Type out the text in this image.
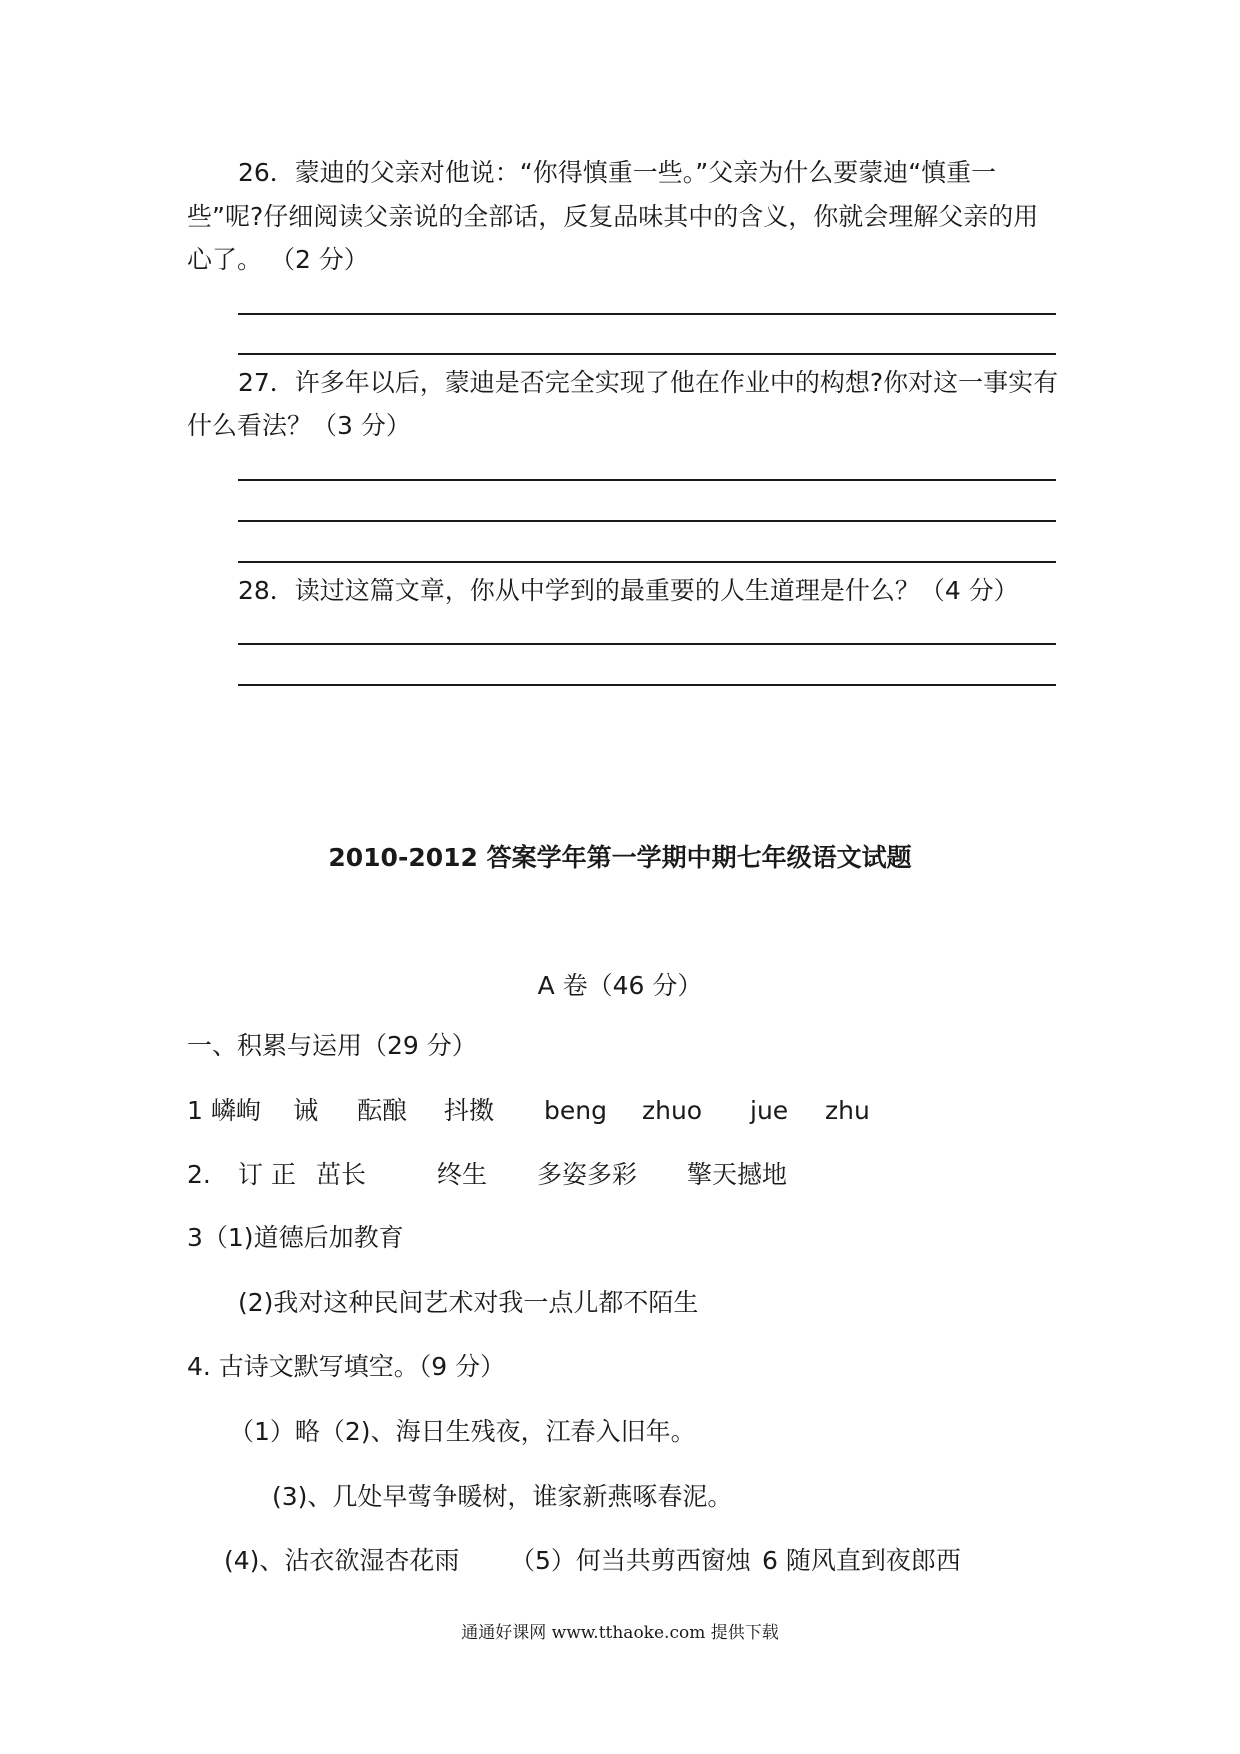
26．蒙迪的父亲对他说：“你得慎重一些。”父亲为什么要蒙迪“慎重一
些”呢?仔细阅读父亲说的全部话，反复品味其中的含义，你就会理解父亲的用
心了。 （2 分）
27．许多年以后，蒙迪是否完全实现了他在作业中的构想?你对这一事实有
什么看法？（3 分）
28．读过这篇文章，你从中学到的最重要的人生道理是什么？（4 分）
2010-2012 答案学年第一学期中期七年级语文试题
A 卷（46 分）
一、积累与运用（29 分）
1 嶙峋 诫 酝酿 抖擞 beng zhuo jue zhu
2. 订 正 茁长	终生 多姿多彩 擎天撼地
3（1)道德后加教育
(2)我对这种民间艺术对我一点儿都不陌生
4. 古诗文默写填空。（9 分）
（1）略（2)、海日生残夜，江春入旧年。
(3)、几处早莺争暖树，谁家新燕啄春泥。
(4)、沾衣欲湿杏花雨 （5）何当共剪西窗烛 6 随风直到夜郎西
通通好课网 www.tthaoke.com 提供下载
